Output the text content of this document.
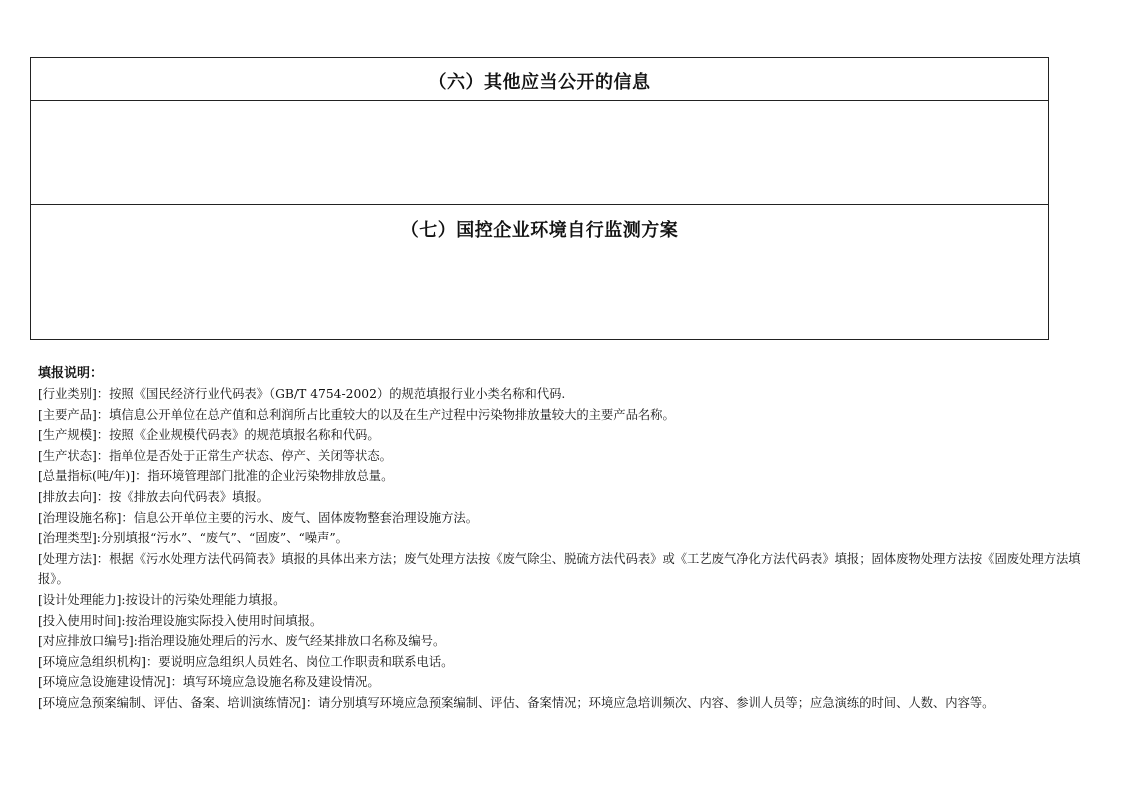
（六）其他应当公开的信息
（七）国控企业环境自行监测方案

填报说明：

[行业类别]：按照《国民经济行业代码表》（GB/T 4754-2002）的规范填报行业小类名称和代码.

[主要产品]：填信息公开单位在总产值和总利润所占比重较大的以及在生产过程中污染物排放量较大的主要产品名称。

[生产规模]：按照《企业规模代码表》的规范填报名称和代码。

[生产状态]：指单位是否处于正常生产状态、停产、关闭等状态。

[总量指标(吨/年)]：指环境管理部门批准的企业污染物排放总量。

[排放去向]：按《排放去向代码表》填报。

[治理设施名称]：信息公开单位主要的污水、废气、固体废物整套治理设施方法。

[治理类型]:分别填报“污水”、“废气”、“固废”、“噪声”。

[处理方法]：根据《污水处理方法代码简表》填报的具体出来方法；废气处理方法按《废气除尘、脱硫方法代码表》或《工艺废气净化方法代码表》填报；固体废物处理方法按《固废处理方法填报》。

[设计处理能力]:按设计的污染处理能力填报。

[投入使用时间]:按治理设施实际投入使用时间填报。

[对应排放口编号]:指治理设施处理后的污水、废气经某排放口名称及编号。

[环境应急组织机构]：要说明应急组织人员姓名、岗位工作职责和联系电话。

[环境应急设施建设情况]：填写环境应急设施名称及建设情况。

[环境应急预案编制、评估、备案、培训演练情况]：请分别填写环境应急预案编制、评估、备案情况；环境应急培训频次、内容、参训人员等；应急演练的时间、人数、内容等。
